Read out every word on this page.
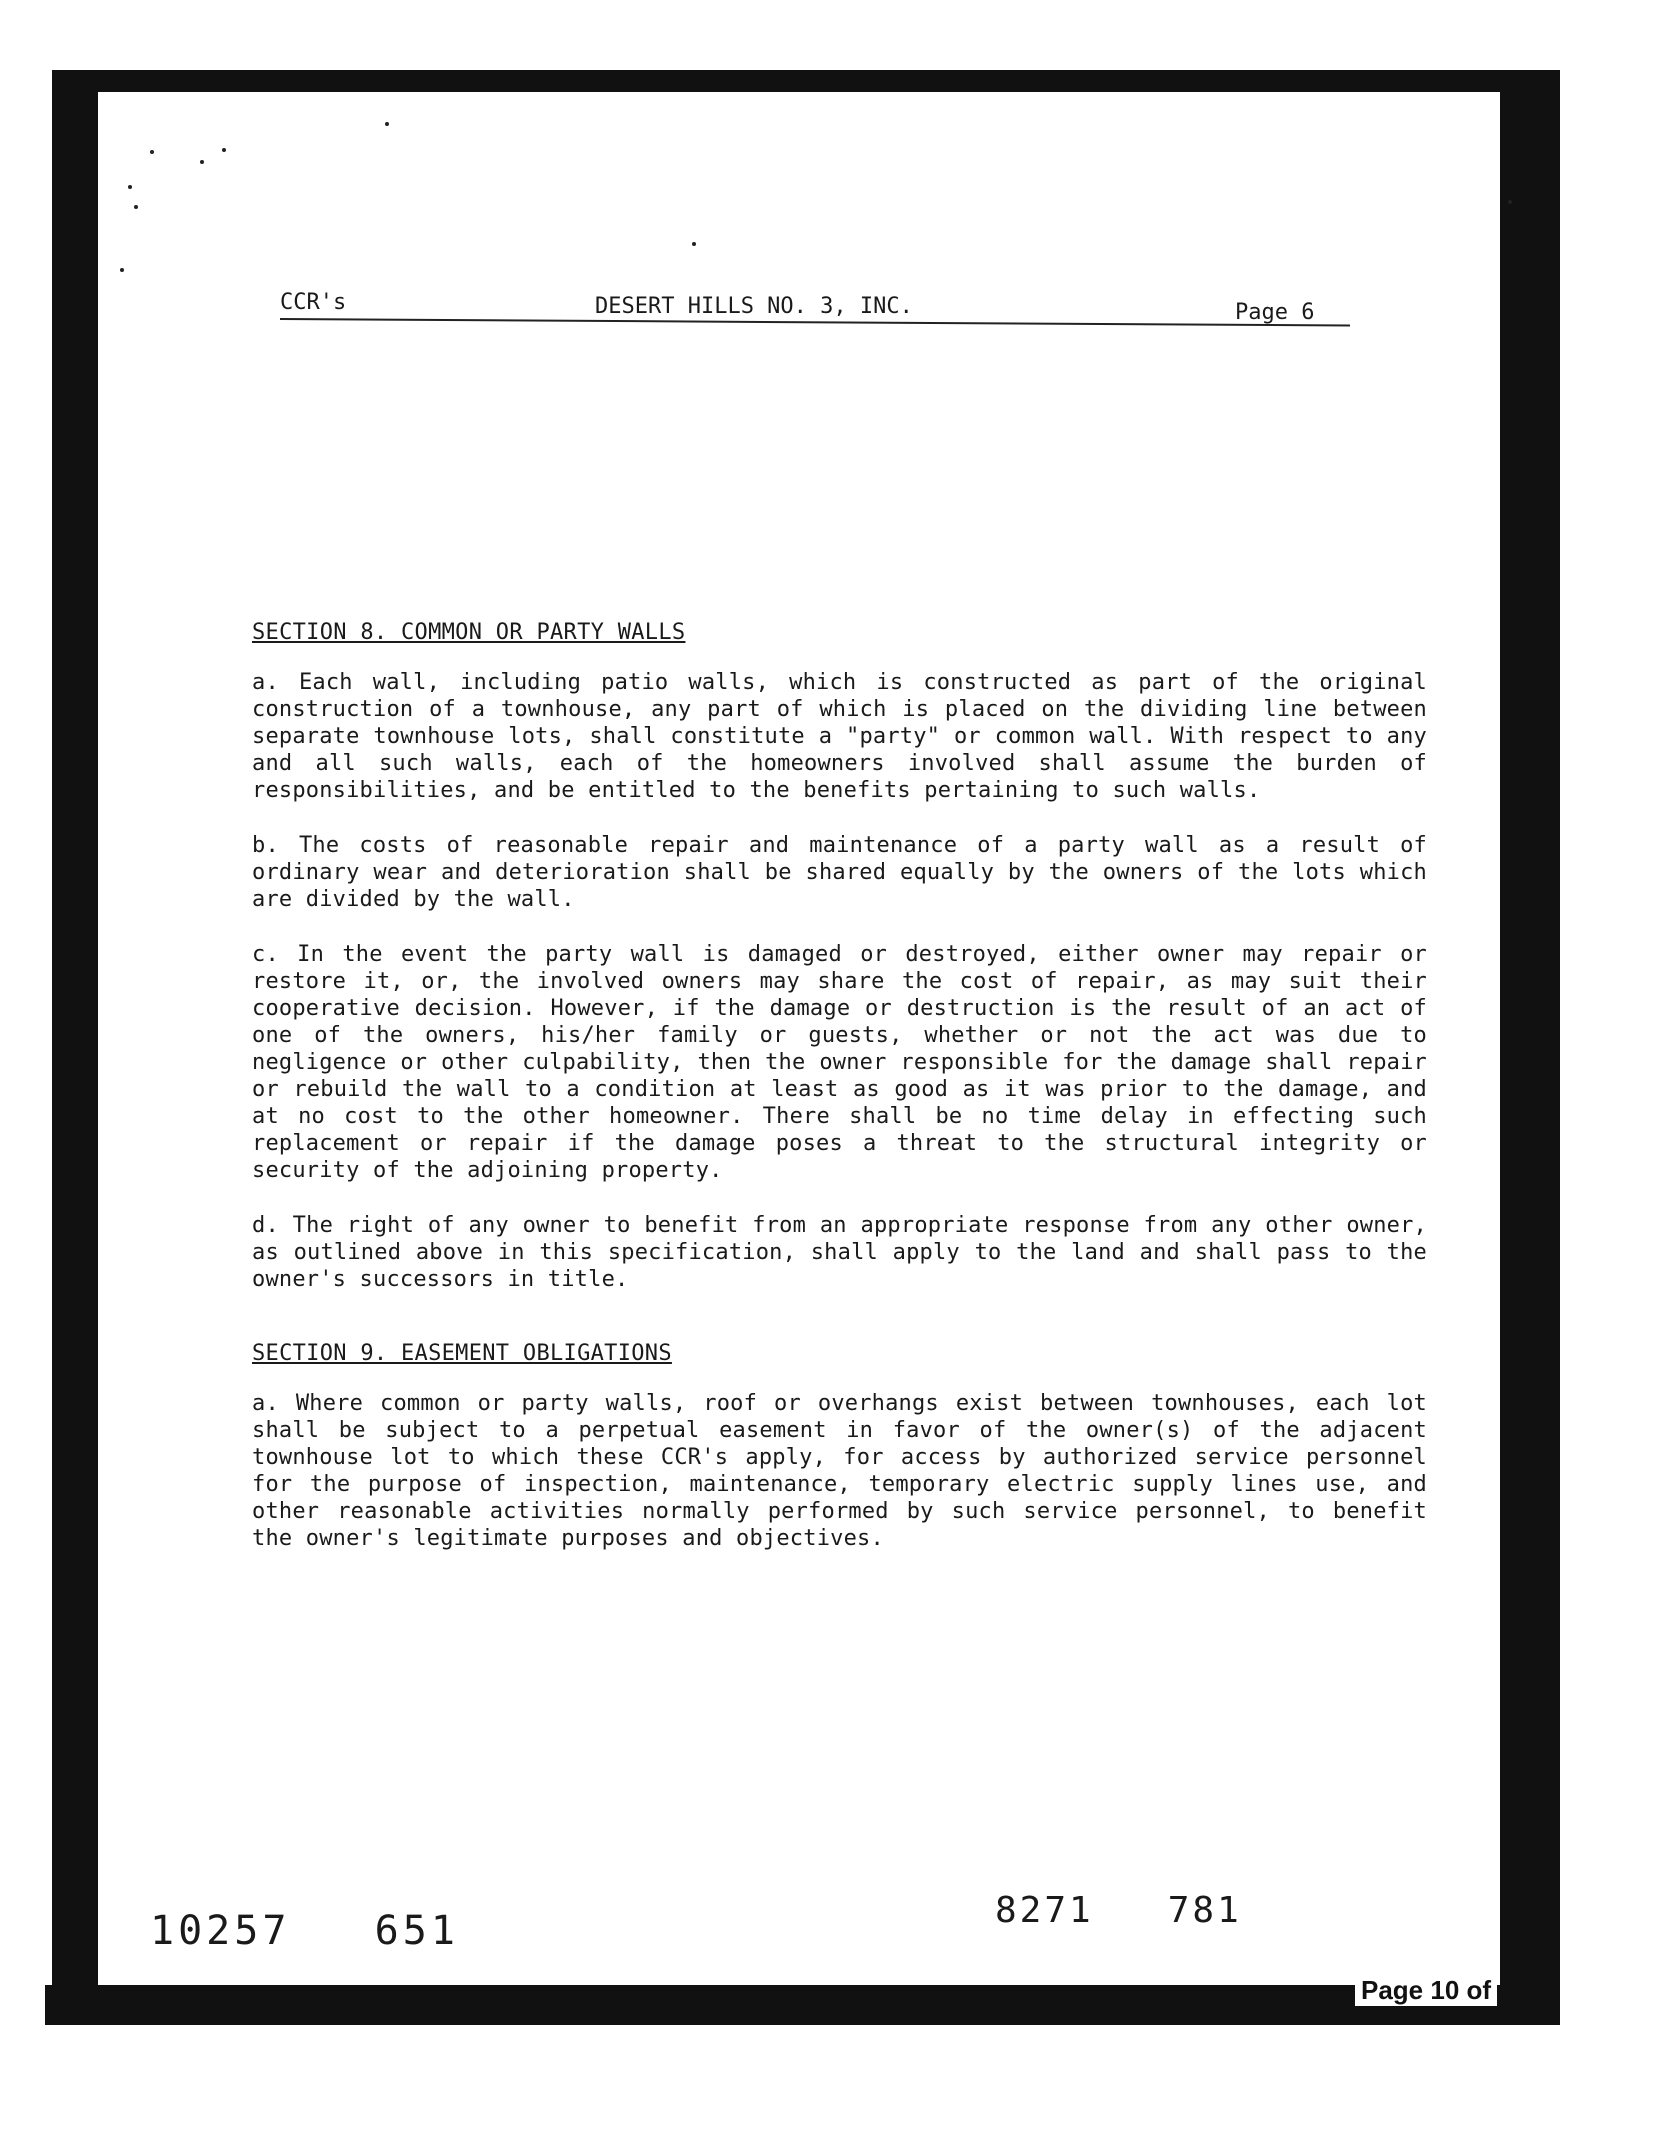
CCR's	DESERT HILLS NO. 3, INC.	Page 6

SECTION 8. COMMON OR PARTY WALLS

a. Each wall, including patio walls, which is constructed as part of the original construction of a townhouse, any part of which is placed on the dividing line between separate townhouse lots, shall constitute a "party" or common wall. With respect to any and all such walls, each of the homeowners involved shall assume the burden of responsibilities, and be entitled to the benefits pertaining to such walls.

b. The costs of reasonable repair and maintenance of a party wall as a result of ordinary wear and deterioration shall be shared equally by the owners of the lots which are divided by the wall.

c. In the event the party wall is damaged or destroyed, either owner may repair or restore it, or, the involved owners may share the cost of repair, as may suit their cooperative decision. However, if the damage or destruction is the result of an act of one of the owners, his/her family or guests, whether or not the act was due to negligence or other culpability, then the owner responsible for the damage shall repair or rebuild the wall to a condition at least as good as it was prior to the damage, and at no cost to the other homeowner. There shall be no time delay in effecting such replacement or repair if the damage poses a threat to the structural integrity or security of the adjoining property.

d. The right of any owner to benefit from an appropriate response from any other owner, as outlined above in this specification, shall apply to the land and shall pass to the owner's successors in title.

SECTION 9. EASEMENT OBLIGATIONS

a. Where common or party walls, roof or overhangs exist between townhouses, each lot shall be subject to a perpetual easement in favor of the owner(s) of the adjacent townhouse lot to which these CCR's apply, for access by authorized service personnel for the purpose of inspection, maintenance, temporary electric supply lines use, and other reasonable activities normally performed by such service personnel, to benefit the owner's legitimate purposes and objectives.

10257   651	8271   781
Page 10 of
